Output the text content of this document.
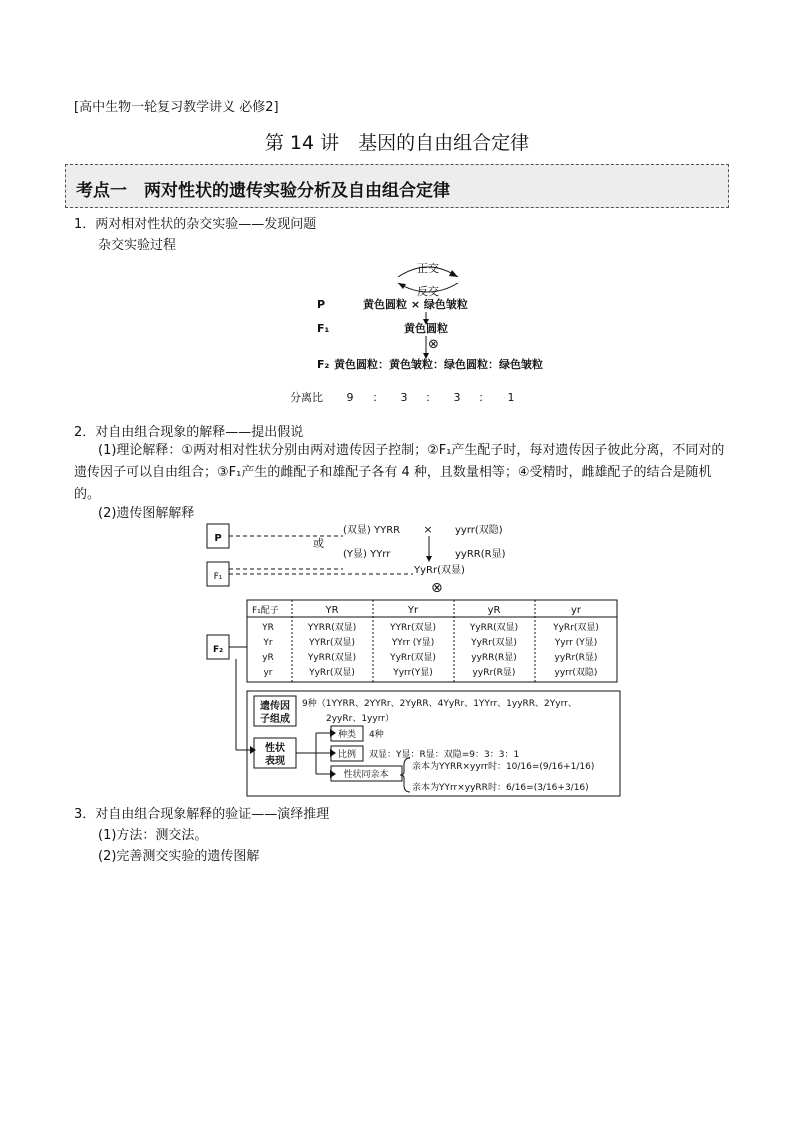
[高中生物一轮复习教学讲义 必修2]
第 14 讲　基因的自由组合定律
考点一　两对性状的遗传实验分析及自由组合定律
1．两对相对性状的杂交实验——发现问题
杂交实验过程
正交
反交
P	黄色圆粒 × 绿色皱粒
F₁	黄色圆粒
⊗
F₂ 黄色圆粒：黄色皱粒：绿色圆粒：绿色皱粒
分离比 9 ： 3 ： 3 ： 1
2．对自由组合现象的解释——提出假说
(1)理论解释：①两对相对性状分别由两对遗传因子控制；②F₁产生配子时，每对遗传因子彼此分离，不同对的遗传因子可以自由组合；③F₁产生的雌配子和雄配子各有 4 种，且数量相等；④受精时，雌雄配子的结合是随机的。
(2)遗传图解解释
P
F₁
F₂
或
(双显) YYRR × yyrr(双隐)
(Y显) YYrr	yyRR(R显)
YyRr(双显)
⊗
F₁配子	YR	Yr	yR	yr
YR	YYRR(双显)	YYRr(双显)	YyRR(双显)	YyRr(双显)
Yr	YYRr(双显)	YYrr (Y显)	YyRr(双显)	Yyrr (Y显)
yR	YyRR(双显)	YyRr(双显)	yyRR(R显)	yyRr(R显)
yr	YyRr(双显)	Yyrr(Y显)	yyRr(R显)	yyrr(双隐)
遗传因
子组成
9种（1YYRR、2YYRr、2YyRR、4YyRr、1YYrr、1yyRR、2Yyrr、
2yyRr、1yyrr）
性状
表现
种类 4种
比例 双显：Y显：R显：双隐=9：3：3：1
性状同亲本
亲本为YYRR×yyrr时：10/16=(9/16+1/16)
亲本为YYrr×yyRR时：6/16=(3/16+3/16)
3．对自由组合现象解释的验证——演绎推理
(1)方法：测交法。
(2)完善测交实验的遗传图解
